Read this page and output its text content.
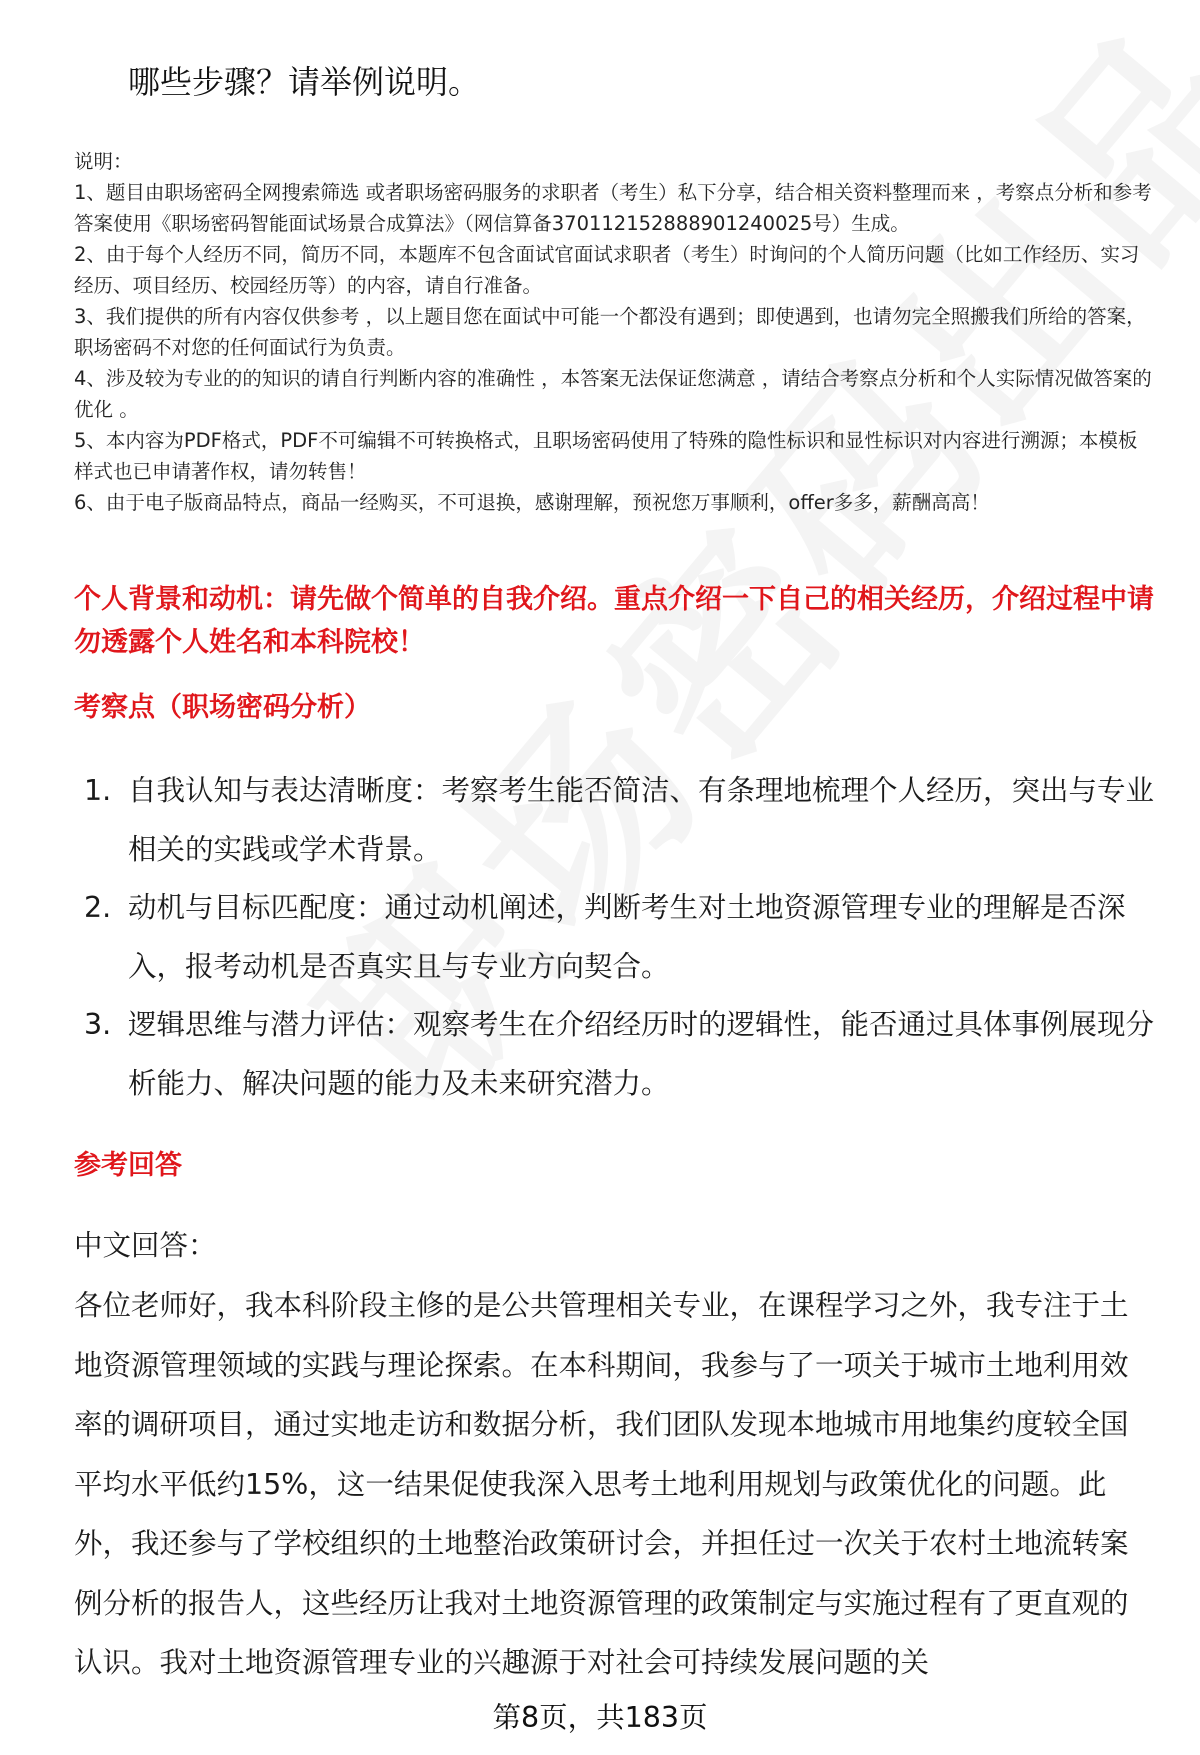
哪些步骤？请举例说明。

说明：

1、题目由职场密码全网搜索筛选 或者职场密码服务的求职者（考生）私下分享，结合相关资料整理而来 ，考察点分析和参考答案使用《职场密码智能面试场景合成算法》（网信算备370112152888901240025号）生成。

2、由于每个人经历不同，简历不同，本题库不包含面试官面试求职者（考生）时询问的个人简历问题（比如工作经历、实习经历、项目经历、校园经历等）的内容，请自行准备。

3、我们提供的所有内容仅供参考 ，以上题目您在面试中可能一个都没有遇到；即使遇到，也请勿完全照搬我们所给的答案，职场密码不对您的任何面试行为负责。

4、涉及较为专业的的知识的请自行判断内容的准确性 ，本答案无法保证您满意 ，请结合考察点分析和个人实际情况做答案的优化 。

5、本内容为PDF格式，PDF不可编辑不可转换格式，且职场密码使用了特殊的隐性标识和显性标识对内容进行溯源；本模板样式也已申请著作权，请勿转售！

6、由于电子版商品特点，商品一经购买，不可退换，感谢理解，预祝您万事顺利，offer多多，薪酬高高！

个人背景和动机：请先做个简单的自我介绍。重点介绍一下自己的相关经历，介绍过程中请勿透露个人姓名和本科院校！
考察点（职场密码分析）
1. 自我认知与表达清晰度：考察考生能否简洁、有条理地梳理个人经历，突出与专业相关的实践或学术背景。
2. 动机与目标匹配度：通过动机阐述，判断考生对土地资源管理专业的理解是否深入，报考动机是否真实且与专业方向契合。
3. 逻辑思维与潜力评估：观察考生在介绍经历时的逻辑性，能否通过具体事例展现分析能力、解决问题的能力及未来研究潜力。
参考回答
中文回答：
各位老师好，我本科阶段主修的是公共管理相关专业，在课程学习之外，我专注于土地资源管理领域的实践与理论探索。在本科期间，我参与了一项关于城市土地利用效率的调研项目，通过实地走访和数据分析，我们团队发现本地城市用地集约度较全国平均水平低约15%，这一结果促使我深入思考土地利用规划与政策优化的问题。此外，我还参与了学校组织的土地整治政策研讨会，并担任过一次关于农村土地流转案例分析的报告人，这些经历让我对土地资源管理的政策制定与实施过程有了更直观的认识。我对土地资源管理专业的兴趣源于对社会可持续发展问题的关
第8页，共183页
